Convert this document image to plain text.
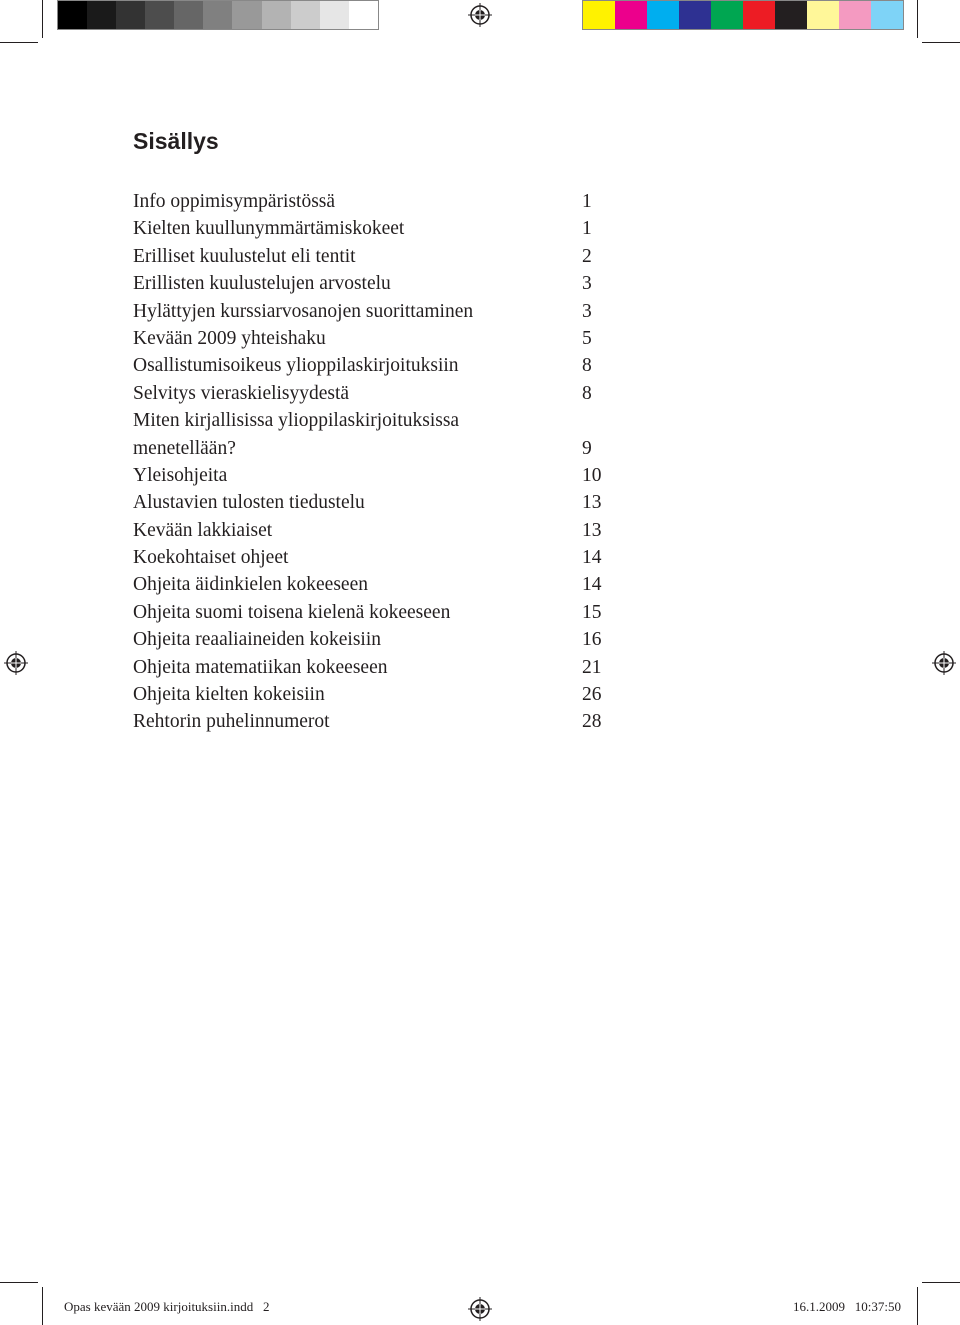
Sisällys
Info oppimisympäristössä	1
Kielten kuullunymmärtämiskokeet	1
Erilliset kuulustelut eli tentit	2
Erillisten kuulustelujen arvostelu	3
Hylättyjen kurssiarvosanojen suorittaminen	3
Kevään 2009 yhteishaku	5
Osallistumisoikeus ylioppilaskirjoituksiin	8
Selvitys vieraskielisyydestä	8
Miten kirjallisissa ylioppilaskirjoituksissa
menetellään?	9
Yleisohjeita	10
Alustavien tulosten tiedustelu	13
Kevään lakkiaiset	13
Koekohtaiset ohjeet	14
Ohjeita äidinkielen kokeeseen	14
Ohjeita suomi toisena kielenä kokeeseen	15
Ohjeita reaaliaineiden kokeisiin	16
Ohjeita matematiikan kokeeseen	21
Ohjeita kielten kokeisiin	26
Rehtorin puhelinnumerot	28
Opas kevään 2009 kirjoituksiin.indd   2	16.1.2009   10:37:50
